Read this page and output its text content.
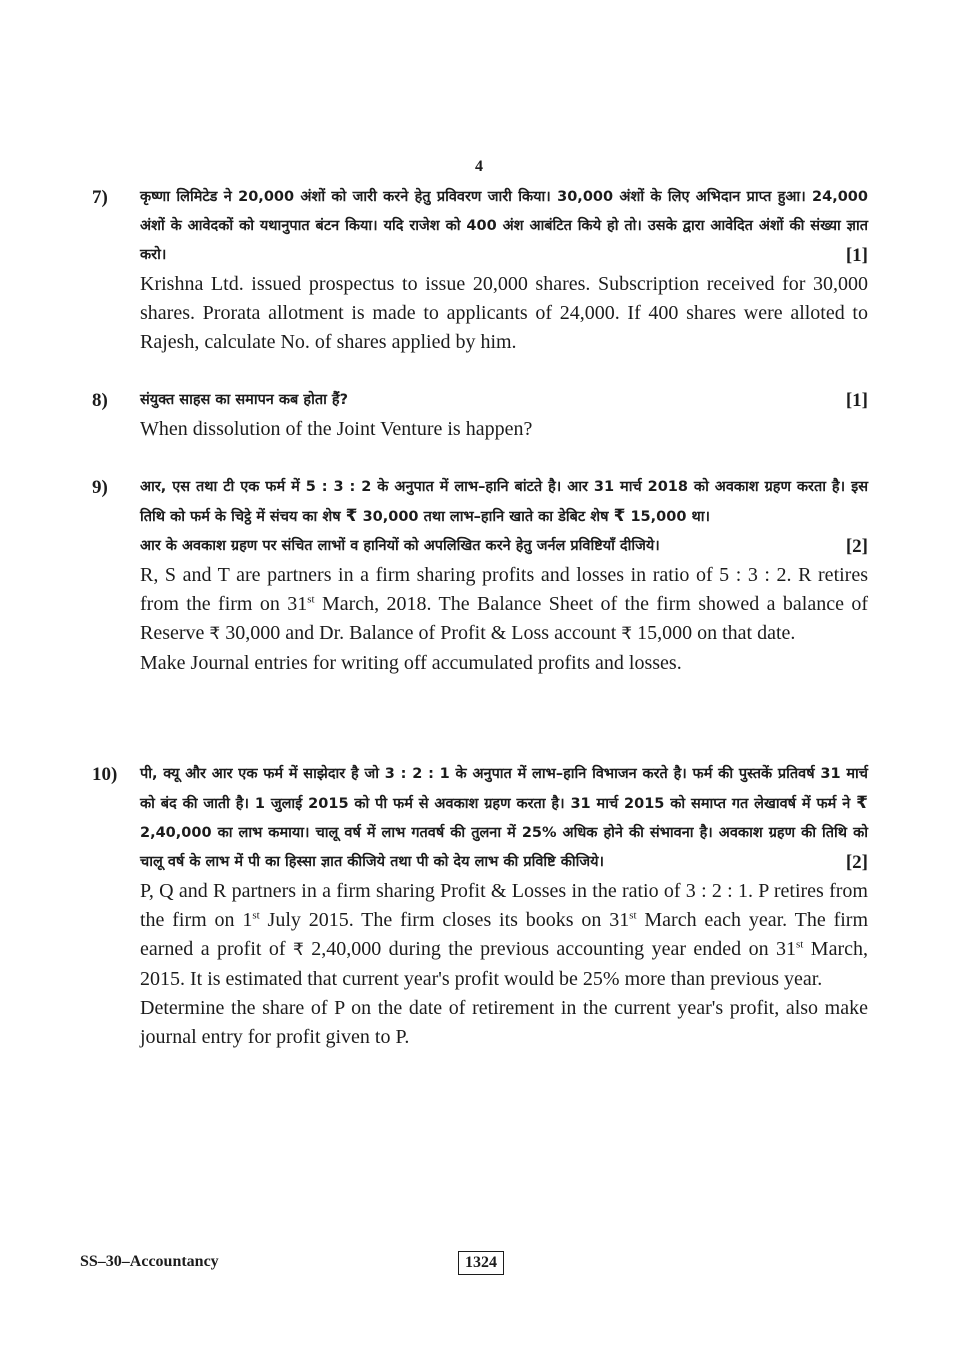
4
7) कृष्णा लिमिटेड ने 20,000 अंशों को जारी करने हेतु प्रविवरण जारी किया। 30,000 अंशों के लिए अभिदान प्राप्त हुआ। 24,000 अंशों के आवेदकों को यथानुपात बंटन किया। यदि राजेश को 400 अंश आबंटित किये हो तो। उसके द्वारा आवेदित अंशों की संख्या ज्ञात करो।	[1]

Krishna Ltd. issued prospectus to issue 20,000 shares. Subscription received for 30,000 shares. Prorata allotment is made to applicants of 24,000. If 400 shares were alloted to Rajesh, calculate No. of shares applied by him.

8) संयुक्त साहस का समापन कब होता हैं?	[1]

When dissolution of the Joint Venture is happen?

9) आर, एस तथा टी एक फर्म में 5 : 3 : 2 के अनुपात में लाभ–हानि बांटते है। आर 31 मार्च 2018 को अवकाश ग्रहण करता है। इस तिथि को फर्म के चिट्ठे में संचय का शेष ₹ 30,000 तथा लाभ–हानि खाते का डेबिट शेष ₹ 15,000 था।

आर के अवकाश ग्रहण पर संचित लाभों व हानियों को अपलिखित करने हेतु जर्नल प्रविष्टियाँ दीजिये।	[2]

R, S and T are partners in a firm sharing profits and losses in ratio of 5 : 3 : 2. R retires from the firm on 31st March, 2018. The Balance Sheet of the firm showed a balance of Reserve ₹ 30,000 and Dr. Balance of Profit & Loss account ₹ 15,000 on that date.

Make Journal entries for writing off accumulated profits and losses.

10) पी, क्यू और आर एक फर्म में साझेदार है जो 3 : 2 : 1 के अनुपात में लाभ–हानि विभाजन करते है। फर्म की पुस्तकें प्रतिवर्ष 31 मार्च को बंद की जाती है। 1 जुलाई 2015 को पी फर्म से अवकाश ग्रहण करता है। 31 मार्च 2015 को समाप्त गत लेखावर्ष में फर्म ने ₹ 2,40,000 का लाभ कमाया। चालू वर्ष में लाभ गतवर्ष की तुलना में 25% अधिक होने की संभावना है। अवकाश ग्रहण की तिथि को चालू वर्ष के लाभ में पी का हिस्सा ज्ञात कीजिये तथा पी को देय लाभ की प्रविष्टि कीजिये।	[2]

P, Q and R partners in a firm sharing Profit & Losses in the ratio of 3 : 2 : 1. P retires from the firm on 1st July 2015. The firm closes its books on 31st March each year. The firm earned a profit of ₹ 2,40,000 during the previous accounting year ended on 31st March, 2015. It is estimated that current year's profit would be 25% more than previous year.

Determine the share of P on the date of retirement in the current year's profit, also make journal entry for profit given to P.

SS–30–Accountancy	1324
